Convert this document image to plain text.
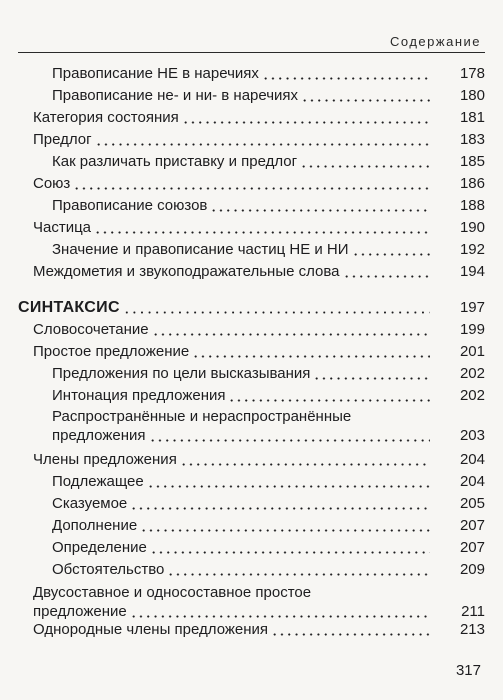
Содержание
Правописание НЕ в наречиях	178
Правописание не- и ни- в наречиях	180
Категория состояния	181
Предлог	183
Как различать приставку и предлог	185
Союз	186
Правописание союзов	188
Частица	190
Значение и правописание частиц НЕ и НИ	192
Междометия и звукоподражательные слова	194
СИНТАКСИС	197
Словосочетание	199
Простое предложение	201
Предложения по цели высказывания	202
Интонация предложения	202
Распространённые и нераспространённые
предложения	203
Члены предложения	204
Подлежащее	204
Сказуемое	205
Дополнение	207
Определение	207
Обстоятельство	209
Двусоставное и односоставное простое
предложение	211
Однородные члены предложения	213
317
